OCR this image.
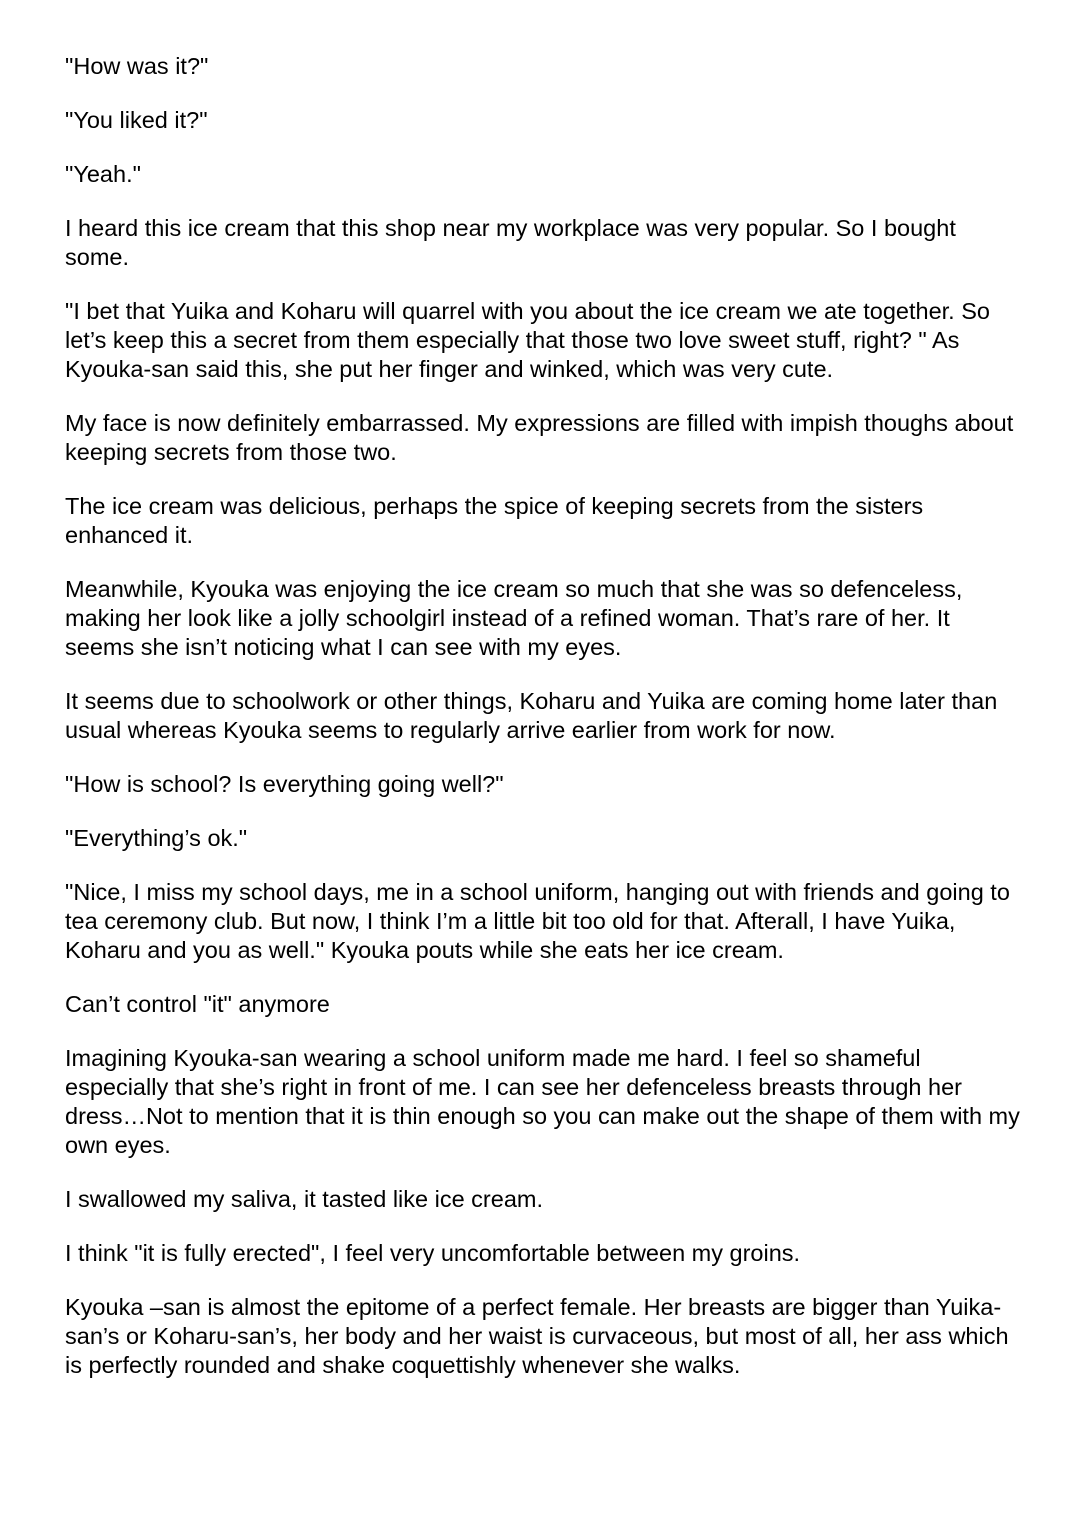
"How was it?"

"You liked it?"

"Yeah."

I heard this ice cream that this shop near my workplace was very popular. So I bought some.

"I bet that Yuika and Koharu will quarrel with you about the ice cream we ate together. So let’s keep this a secret from them especially that those two love sweet stuff, right? " As Kyouka-san said this, she put her finger and winked, which was very cute.

My face is now definitely embarrassed. My expressions are filled with impish thoughs about keeping secrets from those two.

The ice cream was delicious, perhaps the spice of keeping secrets from the sisters enhanced it.

Meanwhile, Kyouka was enjoying the ice cream so much that she was so defenceless, making her look like a jolly schoolgirl instead of a refined woman. That’s rare of her. It seems she isn’t noticing what I can see with my eyes.

It seems due to schoolwork or other things, Koharu and Yuika are coming home later than usual whereas Kyouka seems to regularly arrive earlier from work for now.

"How is school? Is everything going well?"

"Everything’s ok."

"Nice, I miss my school days, me in a school uniform, hanging out with friends and going to tea ceremony club. But now, I think I’m a little bit too old for that. Afterall, I have Yuika, Koharu and you as well." Kyouka pouts while she eats her ice cream.

Can’t control "it" anymore

Imagining Kyouka-san wearing a school uniform made me hard. I feel so shameful especially that she’s right in front of me. I can see her defenceless breasts through her dress…Not to mention that it is thin enough so you can make out the shape of them with my own eyes.

I swallowed my saliva, it tasted like ice cream.

I think "it is fully erected", I feel very uncomfortable between my groins.

Kyouka –san is almost the epitome of a perfect female. Her breasts are bigger than Yuika-san’s or Koharu-san’s, her body and her waist is curvaceous, but most of all, her ass which is perfectly rounded and shake coquettishly whenever she walks.
